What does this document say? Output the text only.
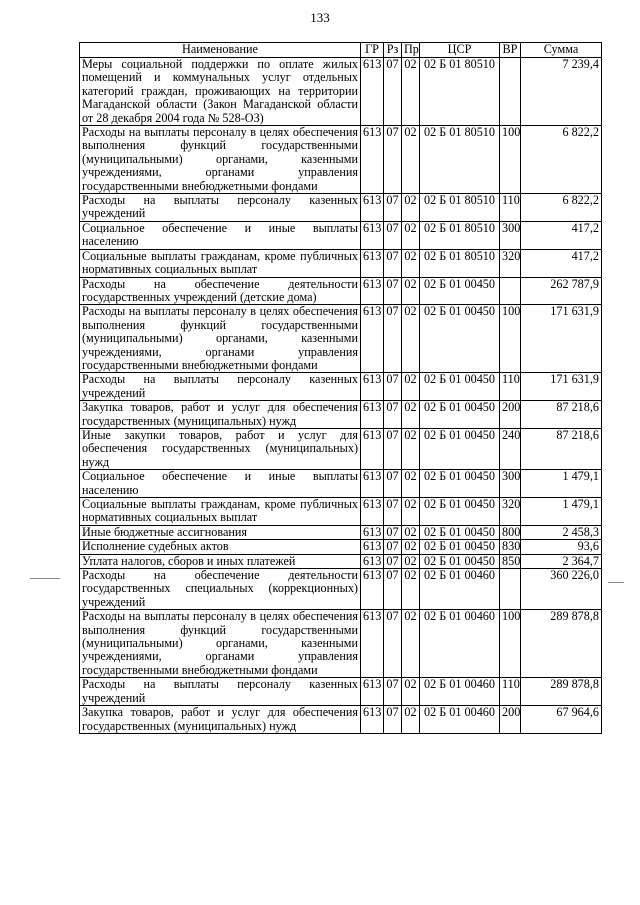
133
Наименование	ГР	Рз	Пр	ЦСР	ВР	Сумма
Меры социальной поддержки по оплате жилых помещений и коммунальных услуг отдельных категорий граждан, проживающих на территории Магаданской области (Закон Магаданской области от 28 декабря 2004 года № 528-ОЗ)	613	07	02	02 Б 01 80510		7 239,4
Расходы на выплаты персоналу в целях обеспечения выполнения функций государственными (муниципальными) органами, казенными учреждениями, органами управления государственными внебюджетными фондами	613	07	02	02 Б 01 80510	100	6 822,2
Расходы на выплаты персоналу казенных учреждений	613	07	02	02 Б 01 80510	110	6 822,2
Социальное обеспечение и иные выплаты населению	613	07	02	02 Б 01 80510	300	417,2
Социальные выплаты гражданам, кроме публичных нормативных социальных выплат	613	07	02	02 Б 01 80510	320	417,2
Расходы на обеспечение деятельности государственных учреждений (детские дома)	613	07	02	02 Б 01 00450		262 787,9
Расходы на выплаты персоналу в целях обеспечения выполнения функций государственными (муниципальными) органами, казенными учреждениями, органами управления государственными внебюджетными фондами	613	07	02	02 Б 01 00450	100	171 631,9
Расходы на выплаты персоналу казенных учреждений	613	07	02	02 Б 01 00450	110	171 631,9
Закупка товаров, работ и услуг для обеспечения государственных (муниципальных) нужд	613	07	02	02 Б 01 00450	200	87 218,6
Иные закупки товаров, работ и услуг для обеспечения государственных (муниципальных) нужд	613	07	02	02 Б 01 00450	240	87 218,6
Социальное обеспечение и иные выплаты населению	613	07	02	02 Б 01 00450	300	1 479,1
Социальные выплаты гражданам, кроме публичных нормативных социальных выплат	613	07	02	02 Б 01 00450	320	1 479,1
Иные бюджетные ассигнования	613	07	02	02 Б 01 00450	800	2 458,3
Исполнение судебных актов	613	07	02	02 Б 01 00450	830	93,6
Уплата налогов, сборов и иных платежей	613	07	02	02 Б 01 00450	850	2 364,7
Расходы на обеспечение деятельности государственных специальных (коррекционных) учреждений	613	07	02	02 Б 01 00460		360 226,0
Расходы на выплаты персоналу в целях обеспечения выполнения функций государственными (муниципальными) органами, казенными учреждениями, органами управления государственными внебюджетными фондами	613	07	02	02 Б 01 00460	100	289 878,8
Расходы на выплаты персоналу казенных учреждений	613	07	02	02 Б 01 00460	110	289 878,8
Закупка товаров, работ и услуг для обеспечения государственных (муниципальных) нужд	613	07	02	02 Б 01 00460	200	67 964,6
